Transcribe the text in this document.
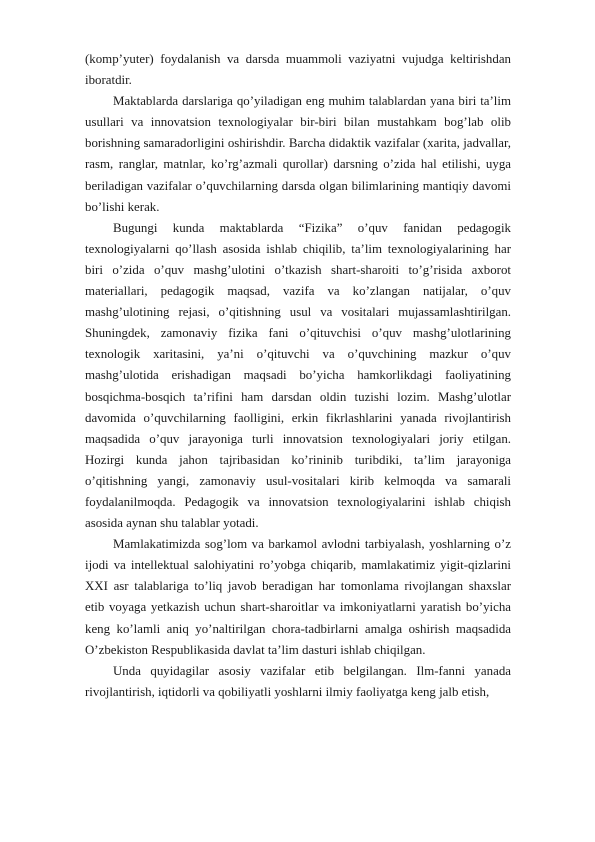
(komp’yuter) foydalanish va darsda muammoli vaziyatni vujudga keltirishdan iboratdir.

Maktablarda darslariga qo’yiladigan eng muhim talablardan yana biri ta’lim usullari va innovatsion texnologiyalar bir-biri bilan mustahkam bog’lab olib borishning samaradorligini oshirishdir. Barcha didaktik vazifalar (xarita, jadvallar, rasm, ranglar, matnlar, ko’rg’azmali qurollar) darsning o’zida hal etilishi, uyga beriladigan vazifalar o’quvchilarning darsda olgan bilimlarining mantiqiy davomi bo’lishi kerak.

Bugungi kunda maktablarda “Fizika” o’quv fanidan pedagogik texnologiyalarni qo’llash asosida ishlab chiqilib, ta’lim texnologiyalarining har biri o’zida o’quv mashg’ulotini o’tkazish shart-sharoiti to’g’risida axborot materiallari, pedagogik maqsad, vazifa va ko’zlangan natijalar, o’quv mashg’ulotining rejasi, o’qitishning usul va vositalari mujassamlashtirilgan. Shuningdek, zamonaviy fizika fani o’qituvchisi o’quv mashg’ulotlarining texnologik xaritasini, ya’ni o’qituvchi va o’quvchining mazkur o’quv mashg’ulotida erishadigan maqsadi bo’yicha hamkorlikdagi faoliyatining bosqichma-bosqich ta’rifini ham darsdan oldin tuzishi lozim. Mashg’ulotlar davomida o’quvchilarning faolligini, erkin fikrlashlarini yanada rivojlantirish maqsadida o’quv jarayoniga turli innovatsion texnologiyalari joriy etilgan. Hozirgi kunda jahon tajribasidan ko’rininib turibdiki, ta’lim jarayoniga o’qitishning yangi, zamonaviy usul-vositalari kirib kelmoqda va samarali foydalanilmoqda. Pedagogik va innovatsion texnologiyalarini ishlab chiqish asosida aynan shu talablar yotadi.

Mamlakatimizda sog’lom va barkamol avlodni tarbiyalash, yoshlarning o’z ijodi va intellektual salohiyatini ro’yobga chiqarib, mamlakatimiz yigit-qizlarini XXI asr talablariga to’liq javob beradigan har tomonlama rivojlangan shaxslar etib voyaga yetkazish uchun shart-sharoitlar va imkoniyatlarni yaratish bo’yicha keng ko’lamli aniq yo’naltirilgan chora-tadbirlarni amalga oshirish maqsadida O’zbekiston Respublikasida davlat ta’lim dasturi ishlab chiqilgan.

Unda quyidagilar asosiy vazifalar etib belgilangan. Ilm-fanni yanada rivojlantirish, iqtidorli va qobiliyatli yoshlarni ilmiy faoliyatga keng jalb etish,
